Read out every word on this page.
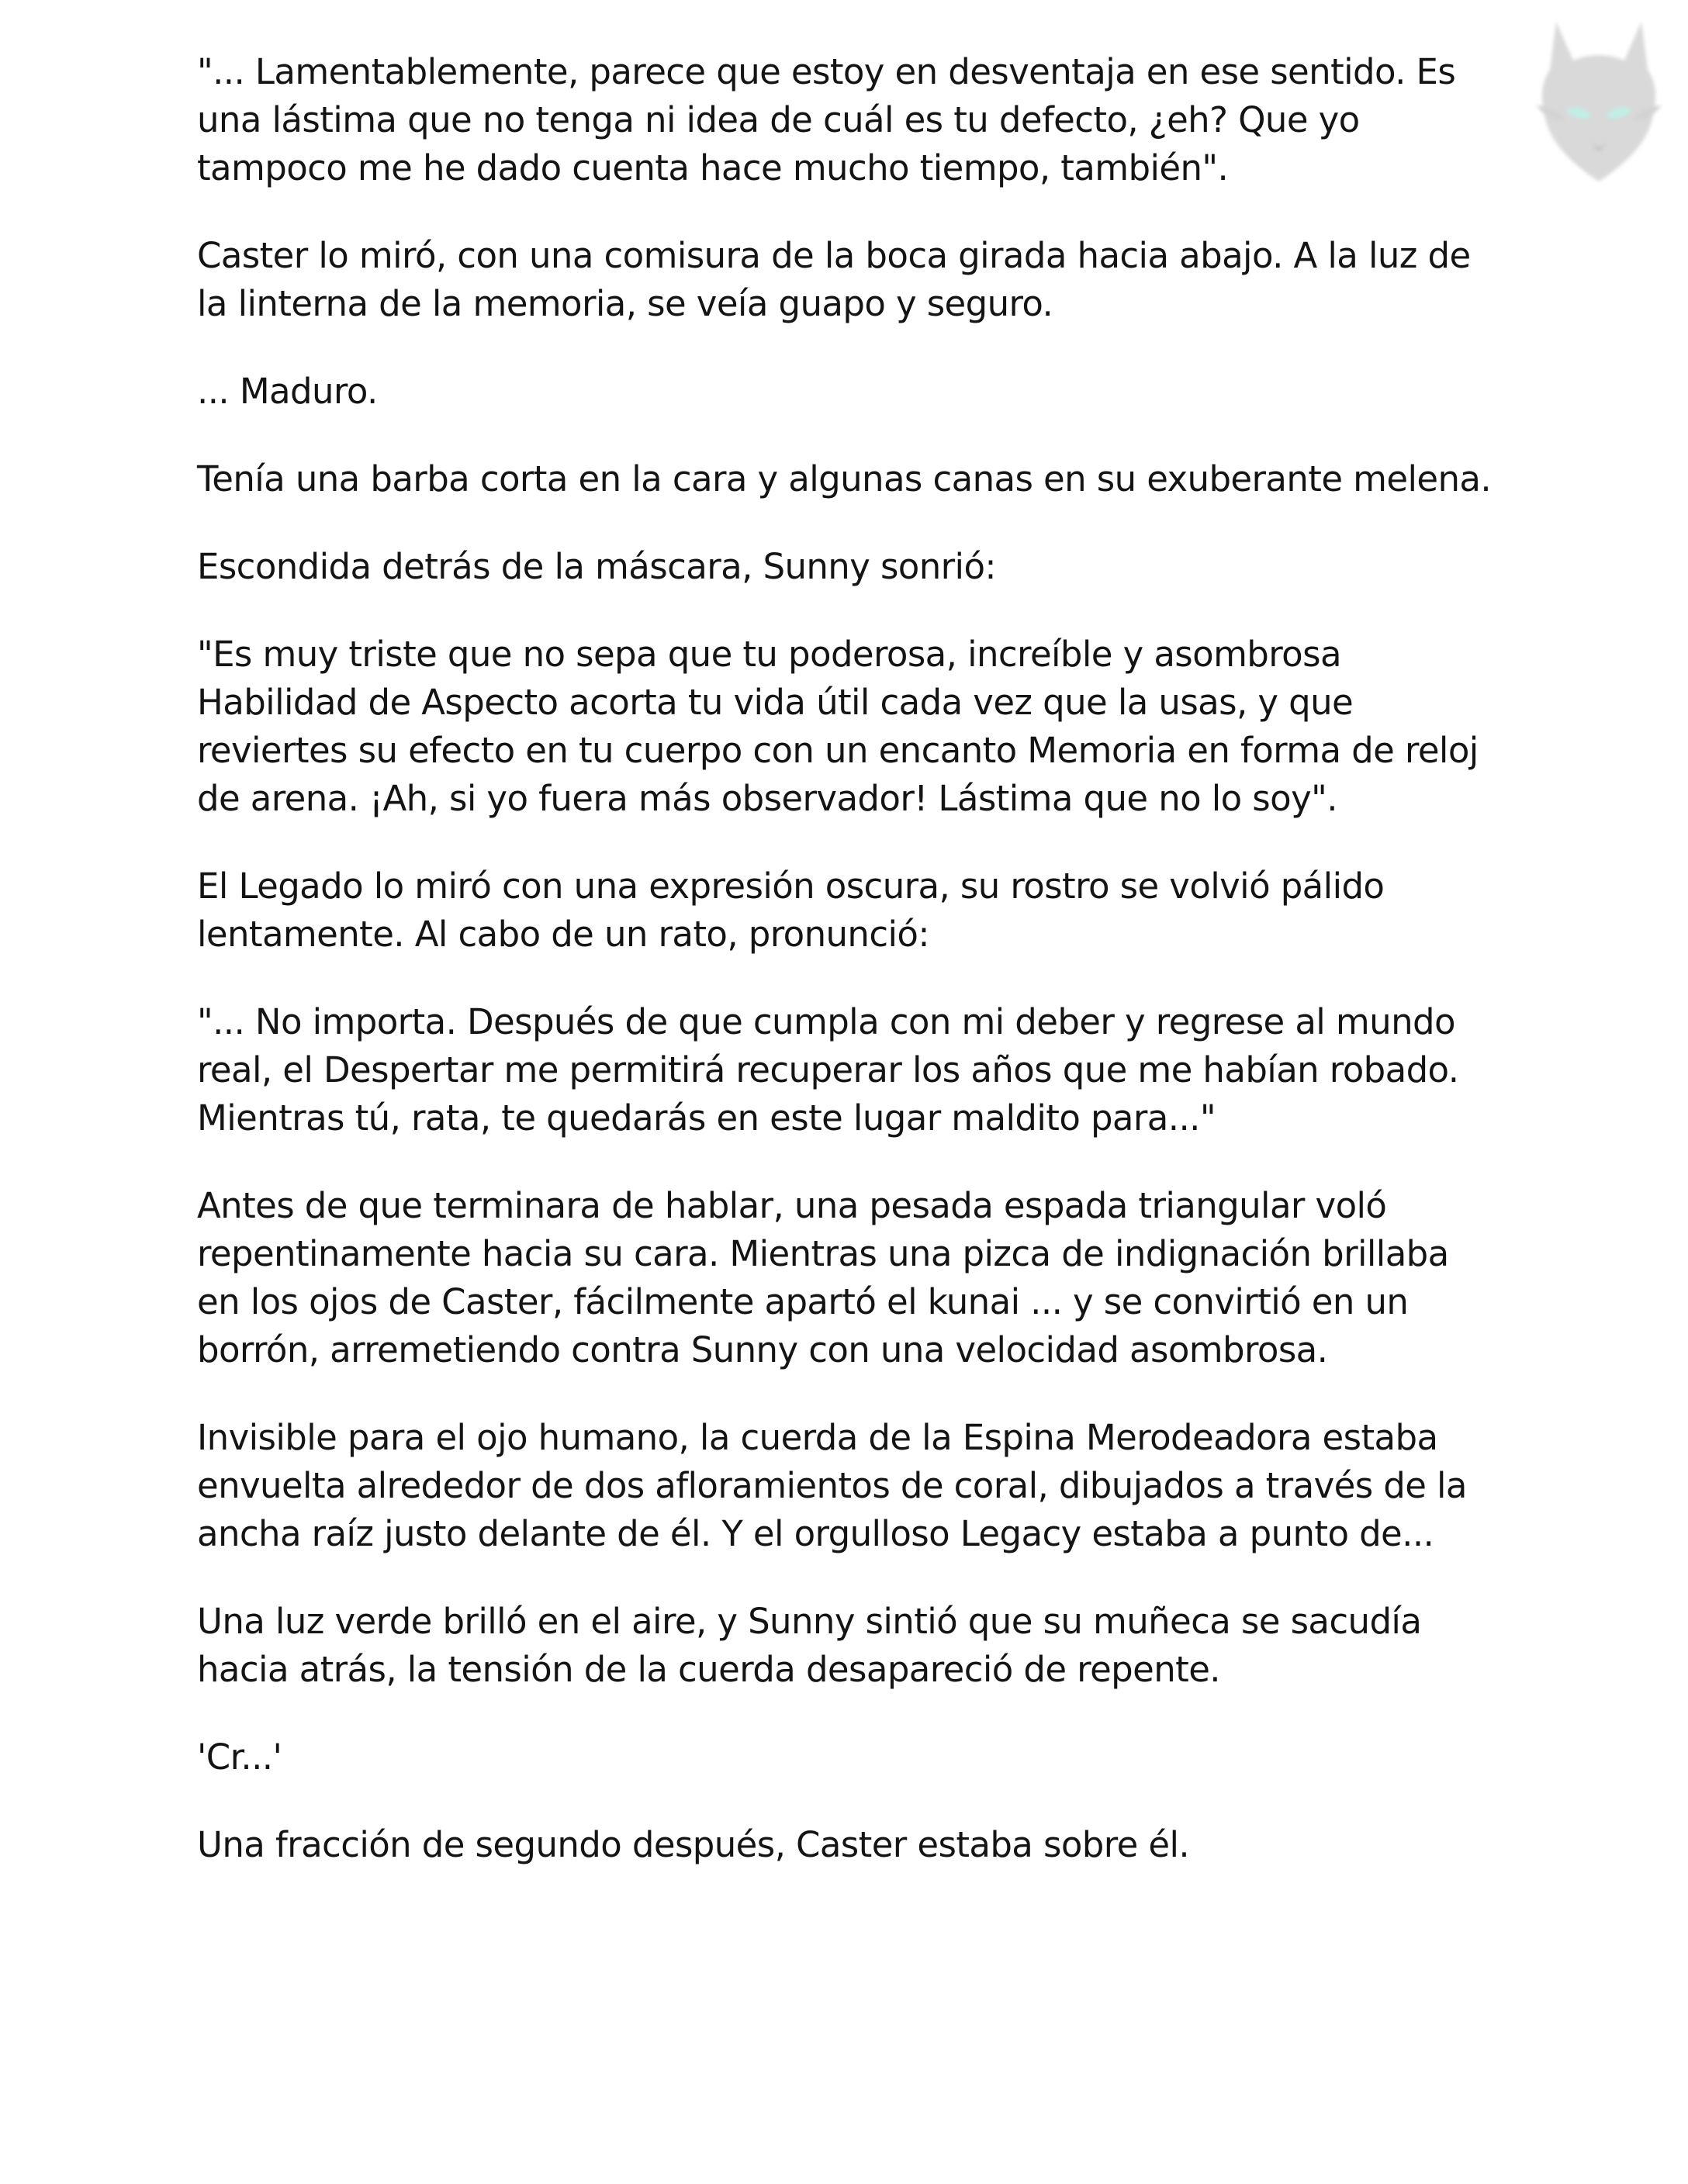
"... Lamentablemente, parece que estoy en desventaja en ese sentido. Es una lástima que no tenga ni idea de cuál es tu defecto, ¿eh? Que yo tampoco me he dado cuenta hace mucho tiempo, también".

Caster lo miró, con una comisura de la boca girada hacia abajo. A la luz de la linterna de la memoria, se veía guapo y seguro.

... Maduro.

Tenía una barba corta en la cara y algunas canas en su exuberante melena.

Escondida detrás de la máscara, Sunny sonrió:

"Es muy triste que no sepa que tu poderosa, increíble y asombrosa Habilidad de Aspecto acorta tu vida útil cada vez que la usas, y que reviertes su efecto en tu cuerpo con un encanto Memoria en forma de reloj de arena. ¡Ah, si yo fuera más observador! Lástima que no lo soy".

El Legado lo miró con una expresión oscura, su rostro se volvió pálido lentamente. Al cabo de un rato, pronunció:

"... No importa. Después de que cumpla con mi deber y regrese al mundo real, el Despertar me permitirá recuperar los años que me habían robado. Mientras tú, rata, te quedarás en este lugar maldito para..."

Antes de que terminara de hablar, una pesada espada triangular voló repentinamente hacia su cara. Mientras una pizca de indignación brillaba en los ojos de Caster, fácilmente apartó el kunai ... y se convirtió en un borrón, arremetiendo contra Sunny con una velocidad asombrosa.

Invisible para el ojo humano, la cuerda de la Espina Merodeadora estaba envuelta alrededor de dos afloramientos de coral, dibujados a través de la ancha raíz justo delante de él. Y el orgulloso Legacy estaba a punto de...

Una luz verde brilló en el aire, y Sunny sintió que su muñeca se sacudía hacia atrás, la tensión de la cuerda desapareció de repente.

'Cr...'

Una fracción de segundo después, Caster estaba sobre él.
